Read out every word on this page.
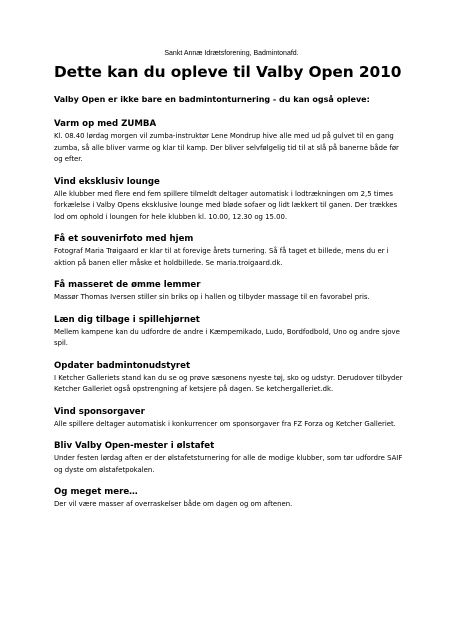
Sankt Annæ Idrætsforening, Badmintonafd.

Dette kan du opleve til Valby Open 2010

Valby Open er ikke bare en badmintonturnering - du kan også opleve:

Varm op med ZUMBA

Kl. 08.40 lørdag morgen vil zumba-instruktør Lene Mondrup hive alle med ud på gulvet til en gang zumba, så alle bliver varme og klar til kamp. Der bliver selvfølgelig tid til at slå på banerne både før og efter.

Vind eksklusiv lounge

Alle klubber med flere end fem spillere tilmeldt deltager automatisk i lodtrækningen om 2,5 times forkælelse i Valby Opens eksklusive lounge med bløde sofaer og lidt lækkert til ganen. Der trækkes lod om ophold i loungen for hele klubben kl. 10.00, 12.30 og 15.00.

Få et souvenirfoto med hjem

Fotograf Maria Trøigaard er klar til at forevige årets turnering. Så få taget et billede, mens du er i aktion på banen eller måske et holdbillede. Se maria.troigaard.dk.

Få masseret de ømme lemmer

Massør Thomas Iversen stiller sin briks op i hallen og tilbyder massage til en favorabel pris.

Læn dig tilbage i spillehjørnet

Mellem kampene kan du udfordre de andre i Kæmpemikado, Ludo, Bordfodbold, Uno og andre sjove spil.

Opdater badmintonudstyret

I Ketcher Galleriets stand kan du se og prøve sæsonens nyeste tøj, sko og udstyr. Derudover tilbyder Ketcher Galleriet også opstrengning af ketsjere på dagen. Se ketchergalleriet.dk.

Vind sponsorgaver

Alle spillere deltager automatisk i konkurrencer om sponsorgaver fra FZ Forza og Ketcher Galleriet.

Bliv Valby Open-mester i ølstafet

Under festen lørdag aften er der ølstafetsturnering for alle de modige klubber, som tør udfordre SAIF og dyste om ølstafetpokalen.

Og meget mere…

Der vil være masser af overraskelser både om dagen og om aftenen.
